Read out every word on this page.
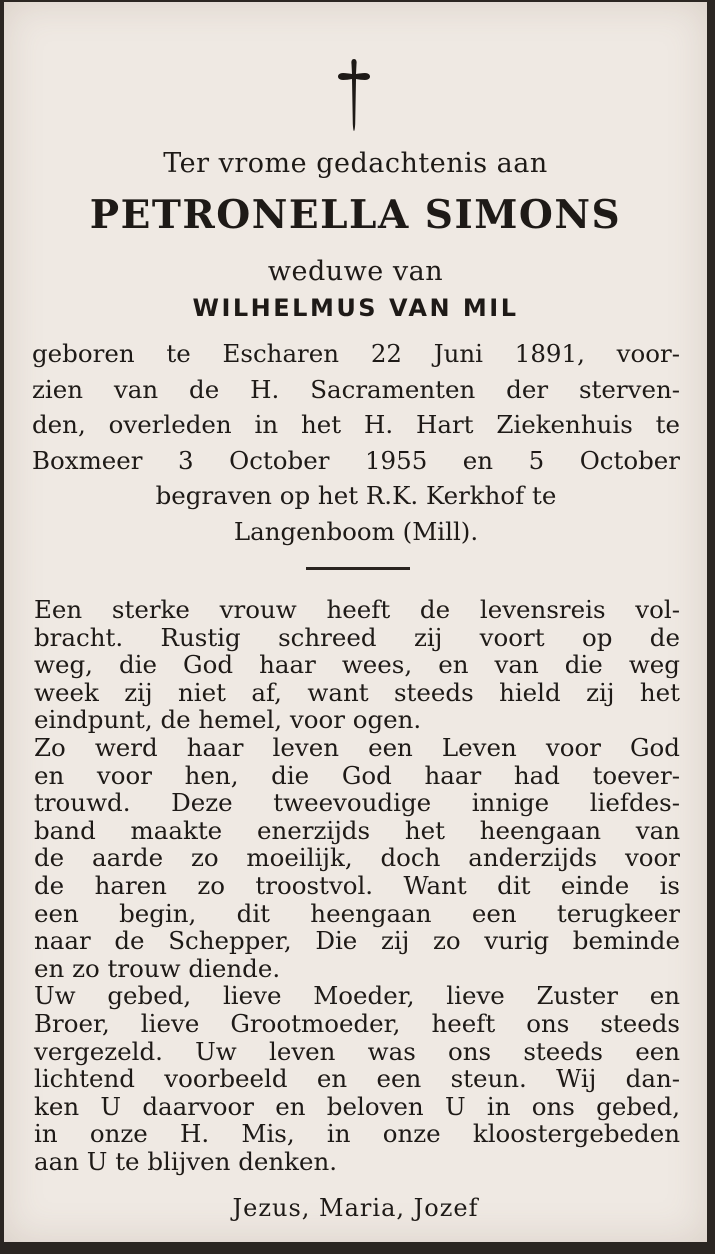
Ter vrome gedachtenis aan
PETRONELLA SIMONS
weduwe van
WILHELMUS VAN MIL
geboren te Escharen 22 Juni 1891, voor-
zien van de H. Sacramenten der sterven-
den, overleden in het H. Hart Ziekenhuis te
Boxmeer 3 October 1955 en 5 October
begraven op het R.K. Kerkhof te
Langenboom (Mill).
Een sterke vrouw heeft de levensreis vol-
bracht. Rustig schreed zij voort op de
weg, die God haar wees, en van die weg
week zij niet af, want steeds hield zij het
eindpunt, de hemel, voor ogen.
Zo werd haar leven een Leven voor God
en voor hen, die God haar had toever-
trouwd. Deze tweevoudige innige liefdes-
band maakte enerzijds het heengaan van
de aarde zo moeilijk, doch anderzijds voor
de haren zo troostvol. Want dit einde is
een begin, dit heengaan een terugkeer
naar de Schepper, Die zij zo vurig beminde
en zo trouw diende.
Uw gebed, lieve Moeder, lieve Zuster en
Broer, lieve Grootmoeder, heeft ons steeds
vergezeld. Uw leven was ons steeds een
lichtend voorbeeld en een steun. Wij dan-
ken U daarvoor en beloven U in ons gebed,
in onze H. Mis, in onze kloostergebeden
aan U te blijven denken.
Jezus, Maria, Jozef
